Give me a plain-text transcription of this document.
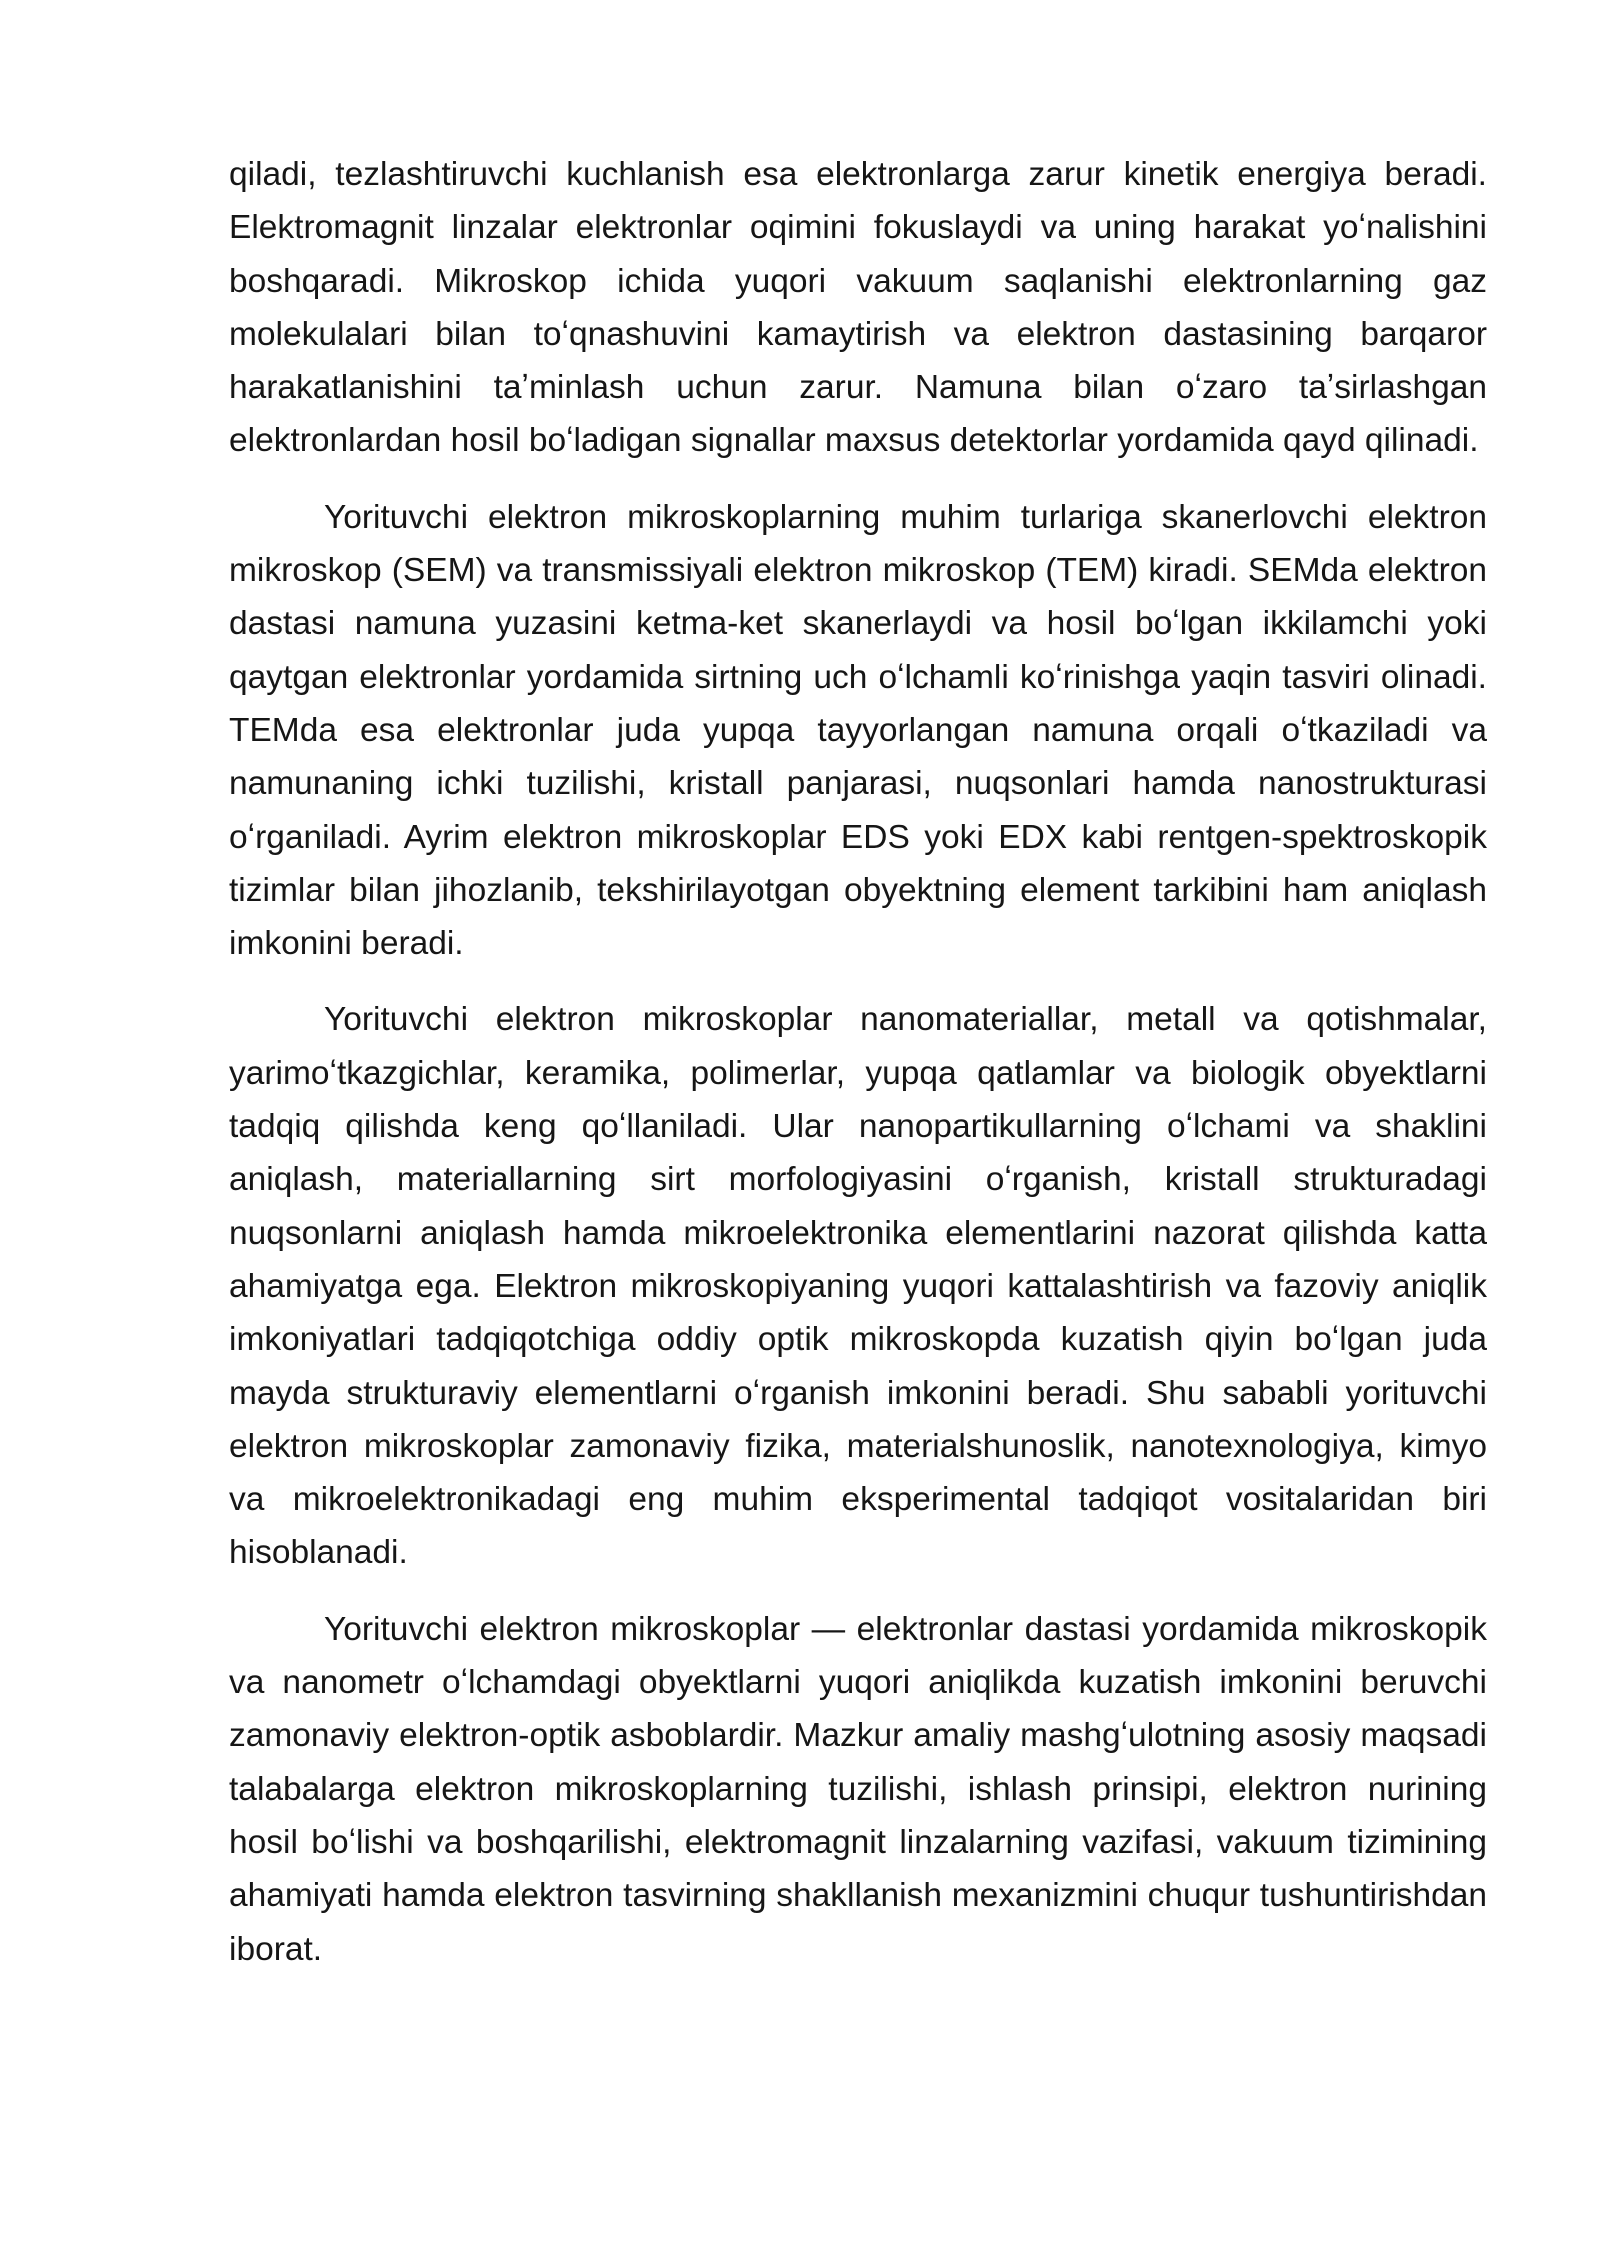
qiladi, tezlashtiruvchi kuchlanish esa elektronlarga zarur kinetik energiya beradi. Elektromagnit linzalar elektronlar oqimini fokuslaydi va uning harakat yoʻnalishini boshqaradi. Mikroskop ichida yuqori vakuum saqlanishi elektronlarning gaz molekulalari bilan toʻqnashuvini kamaytirish va elektron dastasining barqaror harakatlanishini taʼminlash uchun zarur. Namuna bilan oʻzaro taʼsirlashgan elektronlardan hosil boʻladigan signallar maxsus detektorlar yordamida qayd qilinadi.

Yorituvchi elektron mikroskoplarning muhim turlariga skanerlovchi elektron mikroskop (SEM) va transmissiyali elektron mikroskop (TEM) kiradi. SEMda elektron dastasi namuna yuzasini ketma-ket skanerlaydi va hosil boʻlgan ikkilamchi yoki qaytgan elektronlar yordamida sirtning uch oʻlchamli koʻrinishga yaqin tasviri olinadi. TEMda esa elektronlar juda yupqa tayyorlangan namuna orqali oʻtkaziladi va namunaning ichki tuzilishi, kristall panjarasi, nuqsonlari hamda nanostrukturasi oʻrganiladi. Ayrim elektron mikroskoplar EDS yoki EDX kabi rentgen-spektroskopik tizimlar bilan jihozlanib, tekshirilayotgan obyektning element tarkibini ham aniqlash imkonini beradi.

Yorituvchi elektron mikroskoplar nanomateriallar, metall va qotishmalar, yarimoʻtkazgichlar, keramika, polimerlar, yupqa qatlamlar va biologik obyektlarni tadqiq qilishda keng qoʻllaniladi. Ular nanopartikullarning oʻlchami va shaklini aniqlash, materiallarning sirt morfologiyasini oʻrganish, kristall strukturadagi nuqsonlarni aniqlash hamda mikroelektronika elementlarini nazorat qilishda katta ahamiyatga ega. Elektron mikroskopiyaning yuqori kattalashtirish va fazoviy aniqlik imkoniyatlari tadqiqotchiga oddiy optik mikroskopda kuzatish qiyin boʻlgan juda mayda strukturaviy elementlarni oʻrganish imkonini beradi. Shu sababli yorituvchi elektron mikroskoplar zamonaviy fizika, materialshunoslik, nanotexnologiya, kimyo va mikroelektronikadagi eng muhim eksperimental tadqiqot vositalaridan biri hisoblanadi.

Yorituvchi elektron mikroskoplar — elektronlar dastasi yordamida mikroskopik va nanometr oʻlchamdagi obyektlarni yuqori aniqlikda kuzatish imkonini beruvchi zamonaviy elektron-optik asboblardir. Mazkur amaliy mashgʻulotning asosiy maqsadi talabalarga elektron mikroskoplarning tuzilishi, ishlash prinsipi, elektron nurining hosil boʻlishi va boshqarilishi, elektromagnit linzalarning vazifasi, vakuum tizimining ahamiyati hamda elektron tasvirning shakllanish mexanizmini chuqur tushuntirishdan iborat.
